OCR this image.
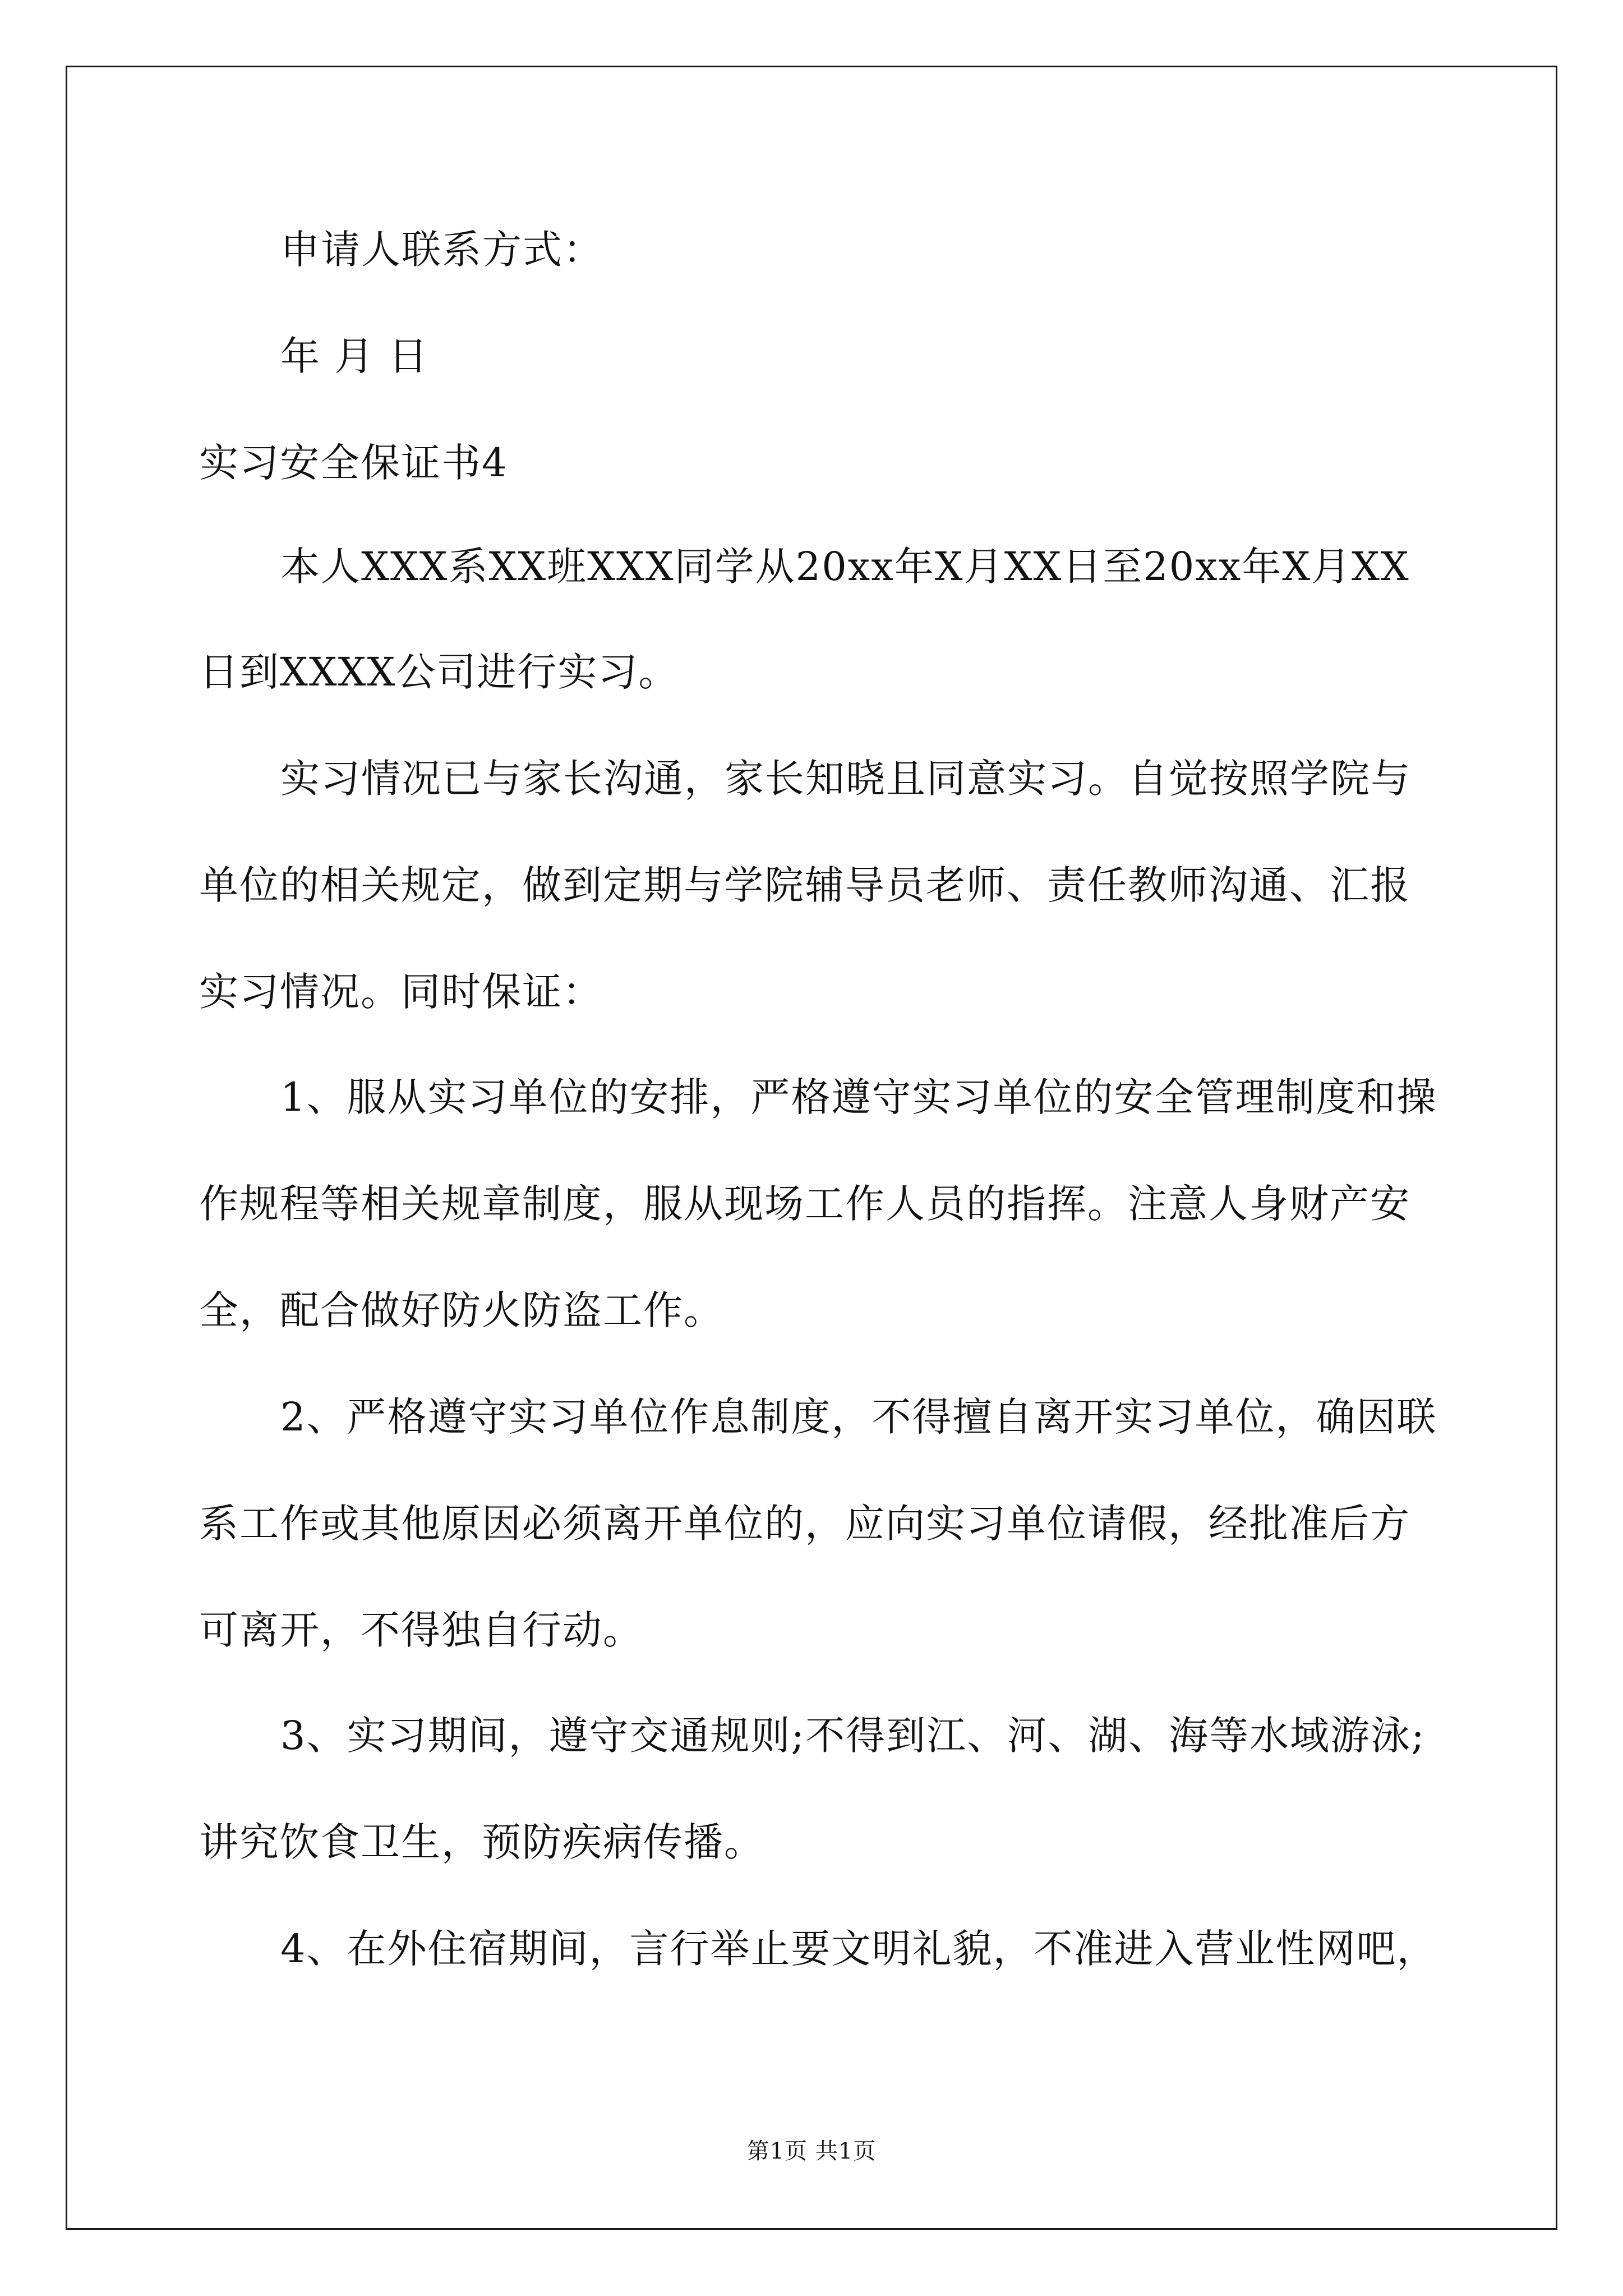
申请人联系方式：

年 月 日

实习安全保证书4

本人XXX系XX班XXX同学从20xx年X月XX日至20xx年X月XX

日到XXXX公司进行实习。

实习情况已与家长沟通，家长知晓且同意实习。自觉按照学院与

单位的相关规定，做到定期与学院辅导员老师、责任教师沟通、汇报

实习情况。同时保证：

1、服从实习单位的安排，严格遵守实习单位的安全管理制度和操

作规程等相关规章制度，服从现场工作人员的指挥。注意人身财产安

全，配合做好防火防盗工作。

2、严格遵守实习单位作息制度，不得擅自离开实习单位，确因联

系工作或其他原因必须离开单位的，应向实习单位请假，经批准后方

可离开，不得独自行动。

3、实习期间，遵守交通规则;不得到江、河、湖、海等水域游泳;

讲究饮食卫生，预防疾病传播。

4、在外住宿期间，言行举止要文明礼貌，不准进入营业性网吧，

第1页 共1页
